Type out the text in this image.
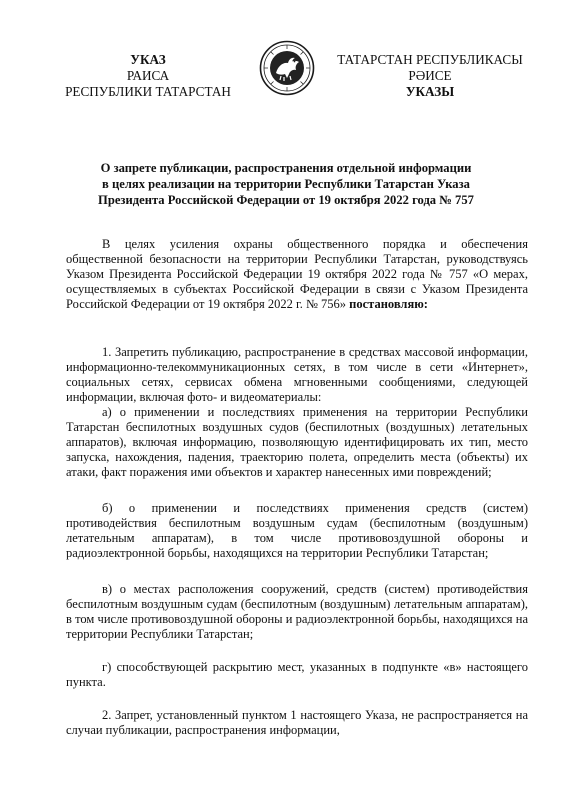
УКАЗ
РАИСА
РЕСПУБЛИКИ ТАТАРСТАН
ТАТАРСТАН РЕСПУБЛИКАСЫ
РӘИСЕ
УКАЗЫ
О запрете публикации, распространения отдельной информации
в целях реализации на территории Республики Татарстан Указа
Президента Российской Федерации от 19 октября 2022 года № 757

В целях усиления охраны общественного порядка и обеспечения общественной безопасности на территории Республики Татарстан, руководствуясь Указом Президента Российской Федерации 19 октября 2022 года № 757 «О мерах, осуществляемых в субъектах Российской Федерации в связи с Указом Президента Российской Федерации от 19 октября 2022 г. № 756» постановляю:

1. Запретить публикацию, распространение в средствах массовой информации, информационно-телекоммуникационных сетях, в том числе в сети «Интернет», социальных сетях, сервисах обмена мгновенными сообщениями, следующей информации, включая фото- и видеоматериалы:

а) о применении и последствиях применения на территории Республики Татарстан беспилотных воздушных судов (беспилотных (воздушных) летательных аппаратов), включая информацию, позволяющую идентифицировать их тип, место запуска, нахождения, падения, траекторию полета, определить места (объекты) их атаки, факт поражения ими объектов и характер нанесенных ими повреждений;

б) о применении и последствиях применения средств (систем) противодействия беспилотным воздушным судам (беспилотным (воздушным) летательным аппаратам), в том числе противовоздушной обороны и радиоэлектронной борьбы, находящихся на территории Республики Татарстан;

в) о местах расположения сооружений, средств (систем) противодействия беспилотным воздушным судам (беспилотным (воздушным) летательным аппаратам), в том числе противовоздушной обороны и радиоэлектронной борьбы, находящихся на территории Республики Татарстан;

г) способствующей раскрытию мест, указанных в подпункте «в» настоящего пункта.

2. Запрет, установленный пунктом 1 настоящего Указа, не распространяется на случаи публикации, распространения информации,
